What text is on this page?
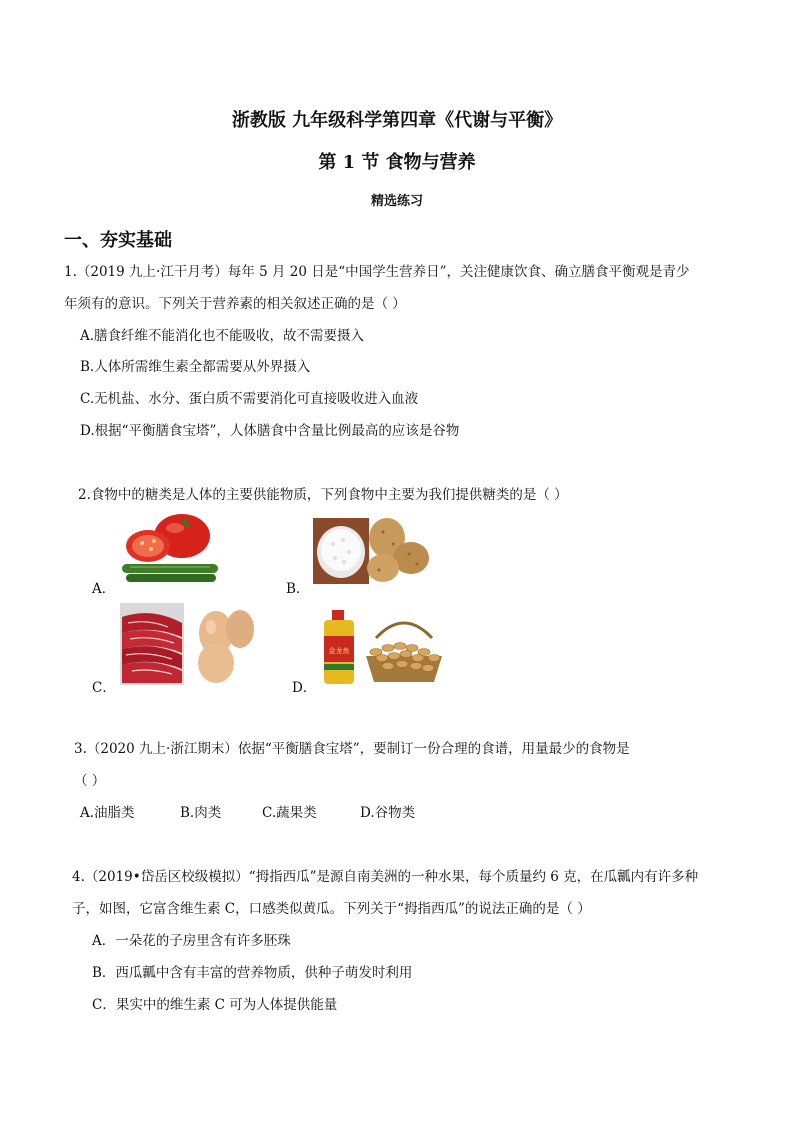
浙教版 九年级科学第四章《代谢与平衡》
第 1 节 食物与营养
精选练习
一、夯实基础
1.（2019 九上·江干月考）每年 5 月 20 日是“中国学生营养日”，关注健康饮食、确立膳食平衡观是青少
年须有的意识。下列关于营养素的相关叙述正确的是（ ）
A.膳食纤维不能消化也不能吸收，故不需要摄入
B.人体所需维生素全都需要从外界摄入
C.无机盐、水分、蛋白质不需要消化可直接吸收进入血液
D.根据“平衡膳食宝塔”，人体膳食中含量比例最高的应该是谷物
2.食物中的糖类是人体的主要供能物质，下列食物中主要为我们提供糖类的是（ ）
A．	B．
C．	D．
金龙鱼
3.（2020 九上·浙江期末）依据“平衡膳食宝塔”，要制订一份合理的食谱，用量最少的食物是
（ ）
A.油脂类	B.肉类	C.蔬果类	D.谷物类
4.（2019•岱岳区校级模拟）“拇指西瓜”是源自南美洲的一种水果，每个质量约 6 克，在瓜瓤内有许多种
子，如图，它富含维生素 C，口感类似黄瓜。下列关于“拇指西瓜”的说法正确的是（ ）
A．一朵花的子房里含有许多胚珠
B．西瓜瓤中含有丰富的营养物质，供种子萌发时利用
C．果实中的维生素 C 可为人体提供能量
